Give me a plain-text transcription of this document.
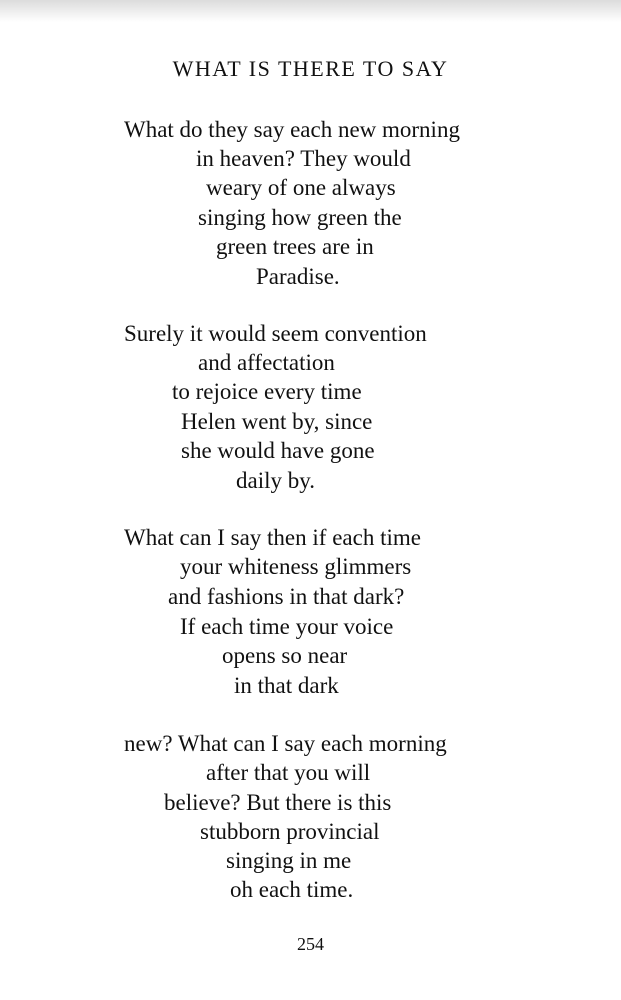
WHAT IS THERE TO SAY
What do they say each new morning
in heaven? They would
weary of one always
singing how green the
green trees are in
Paradise.
Surely it would seem convention
and affectation
to rejoice every time
Helen went by, since
she would have gone
daily by.
What can I say then if each time
your whiteness glimmers
and fashions in that dark?
If each time your voice
opens so near
in that dark
new? What can I say each morning
after that you will
believe? But there is this
stubborn provincial
singing in me
oh each time.
254
